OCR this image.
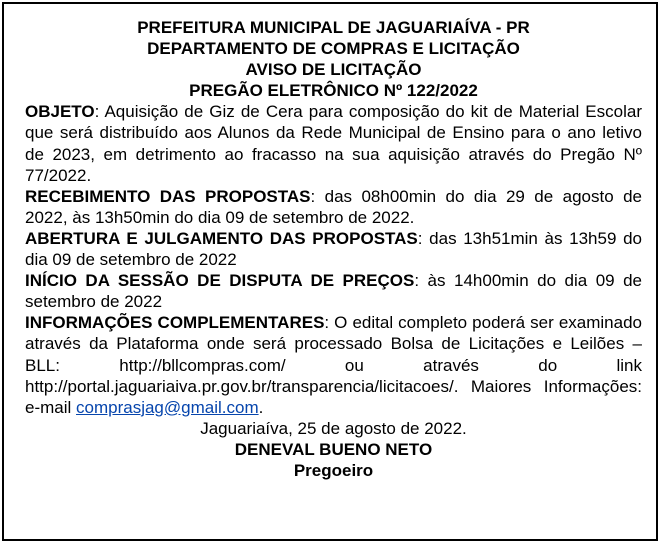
PREFEITURA MUNICIPAL DE JAGUARIAÍVA - PR
DEPARTAMENTO DE COMPRAS E LICITAÇÃO
AVISO DE LICITAÇÃO
PREGÃO ELETRÔNICO Nº 122/2022

OBJETO: Aquisição de Giz de Cera para composição do kit de Material Escolar que será distribuído aos Alunos da Rede Municipal de Ensino para o ano letivo de 2023, em detrimento ao fracasso na sua aquisição através do Pregão Nº 77/2022.

RECEBIMENTO DAS PROPOSTAS: das 08h00min do dia 29 de agosto de 2022, às 13h50min do dia 09 de setembro de 2022.

ABERTURA E JULGAMENTO DAS PROPOSTAS: das 13h51min às 13h59 do dia 09 de setembro de 2022

INÍCIO DA SESSÃO DE DISPUTA DE PREÇOS: às 14h00min do dia 09 de setembro de 2022

INFORMAÇÕES COMPLEMENTARES: O edital completo poderá ser examinado através da Plataforma onde será processado Bolsa de Licitações e Leilões – BLL: http://bllcompras.com/ ou através do link http://portal.jaguariaiva.pr.gov.br/transparencia/licitacoes/. Maiores Informações: e-mail comprasjag@gmail.com.

Jaguariaíva, 25 de agosto de 2022.
DENEVAL BUENO NETO
Pregoeiro
